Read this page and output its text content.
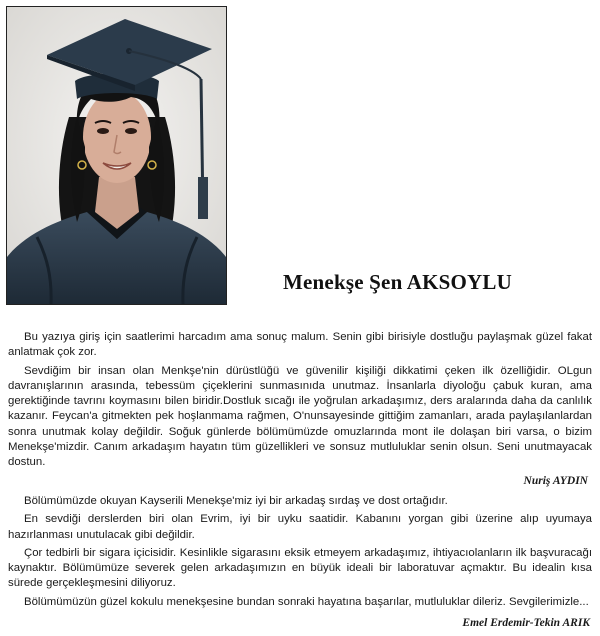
Menekşe Şen AKSOYLU

Bu yazıya giriş için saatlerimi harcadım ama sonuç malum. Senin gibi birisiyle dostluğu paylaşmak güzel fakat anlatmak çok zor.

Sevdiğim bir insan olan Menkşe'nin dürüstlüğü ve güvenilir kişiliği dikkatimi çeken ilk özelliğidir. OLgun davranışlarının arasında, tebessüm çiçeklerini sunmasınıda unutmaz. İnsanlarla diyoloğu çabuk kuran, ama gerektiğinde tavrını koymasını bilen biridir.Dostluk sıcağı ile yoğrulan arkadaşımız, ders aralarında daha da canlılık kazanır. Feycan'a gitmekten pek hoşlanmama rağmen, O'nunsayesinde gittiğim zamanları, arada paylaşılanlardan sonra unutmak kolay değildir. Soğuk günlerde bölümümüzde omuzlarında mont ile dolaşan biri varsa, o bizim Menekşe'mizdir. Canım arkadaşım hayatın tüm güzellikleri ve sonsuz mutluluklar senin olsun. Seni unutmayacak dostun.

Nuriş AYDIN

Bölümümüzde okuyan Kayserili Menekşe'miz iyi bir arkadaş sırdaş ve dost ortağıdır.

En sevdiği derslerden biri olan Evrim, iyi bir uyku saatidir. Kabanını yorgan gibi üzerine alıp uyumaya hazırlanması unutulacak gibi değildir.

Çor tedbirli bir sigara içicisidir. Kesinlikle sigarasını eksik etmeyem arkadaşımız, ihtiyacıolanların ilk başvuracağı kaynaktır. Bölümümüze severek gelen arkadaşımızın en büyük ideali bir laboratuvar açmaktır. Bu idealin kısa sürede gerçekleşmesini diliyoruz.

Bölümümüzün güzel kokulu menekşesine bundan sonraki hayatına başarılar, mutluluklar dileriz. Sevgilerimizle...

Emel Erdemir-Tekin ARIK
